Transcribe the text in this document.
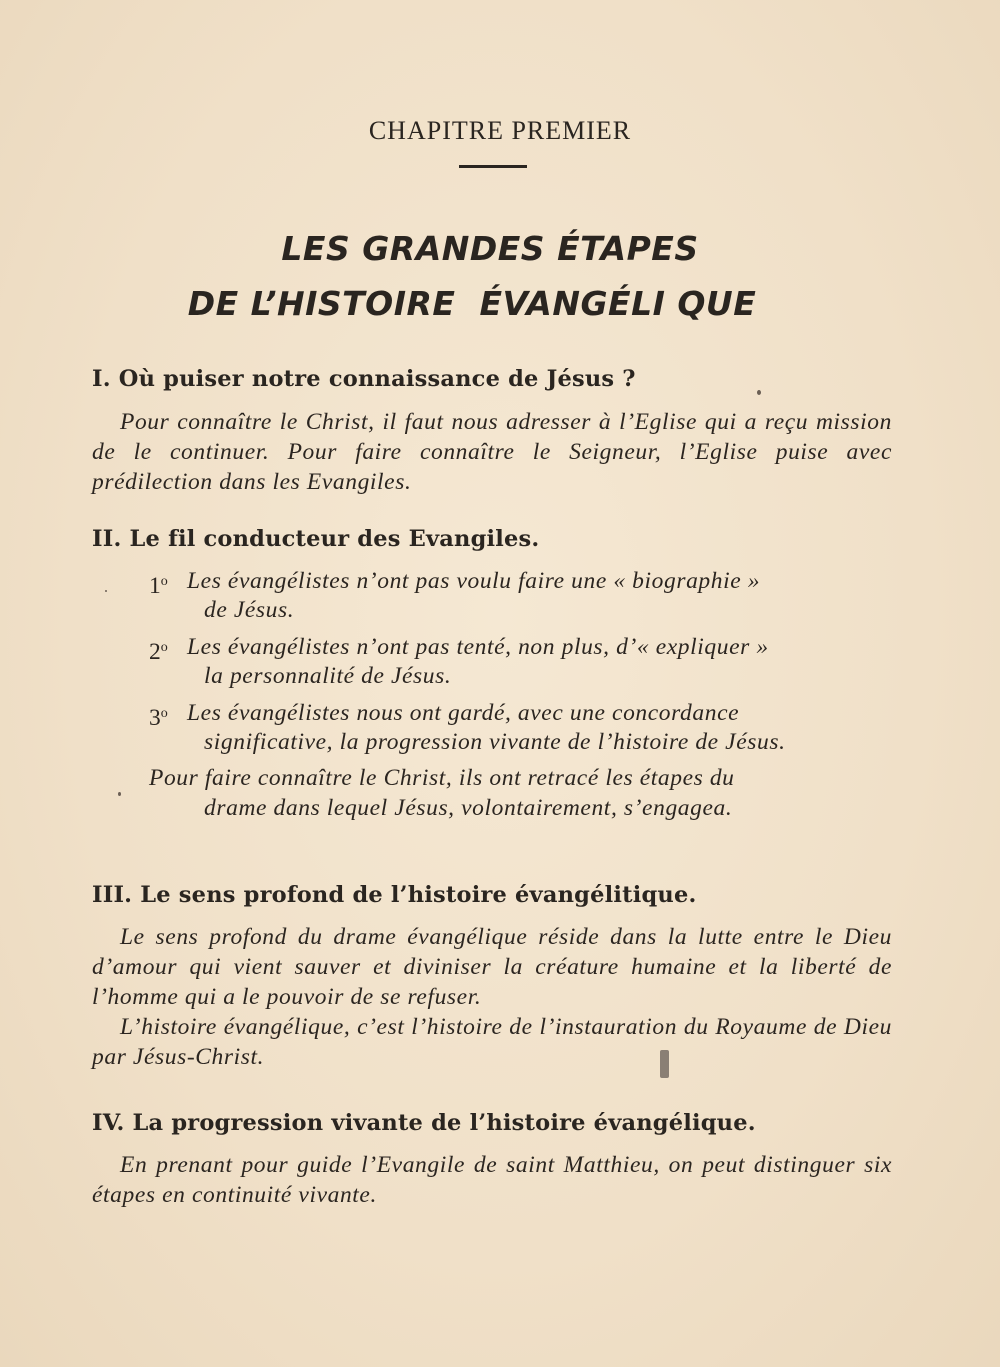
CHAPITRE PREMIER
LES GRANDES ÉTAPES
DE L’HISTOIRE  ÉVANGÉLI QUE
I. Où puiser notre connaissance de Jésus ?
Pour connaître le Christ, il faut nous adresser à l’Eglise qui a reçu mission de le continuer. Pour faire connaître le Seigneur, l’Eglise puise avec prédilection dans les Evangiles.
II. Le fil conducteur des Evangiles.
1$^o$ Les évangélistes n’ont pas voulu faire une « biographie »
de Jésus.
2$^o$ Les évangélistes n’ont pas tenté, non plus, d’« expliquer »
la personnalité de Jésus.
3$^o$ Les évangélistes nous ont gardé, avec une concordance
significative, la progression vivante de l’histoire de Jésus.
Pour faire connaître le Christ, ils ont retracé les étapes du
drame dans lequel Jésus, volontairement, s’engagea.
III. Le sens profond de l’histoire évangélitique.
Le sens profond du drame évangélique réside dans la lutte entre le Dieu d’amour qui vient sauver et diviniser la créature humaine et la liberté de l’homme qui a le pouvoir de se refuser.
L’histoire évangélique, c’est l’histoire de l’instauration du Royaume de Dieu par Jésus-Christ.
IV. La progression vivante de l’histoire évangélique.
En prenant pour guide l’Evangile de saint Matthieu, on peut distinguer six étapes en continuité vivante.
